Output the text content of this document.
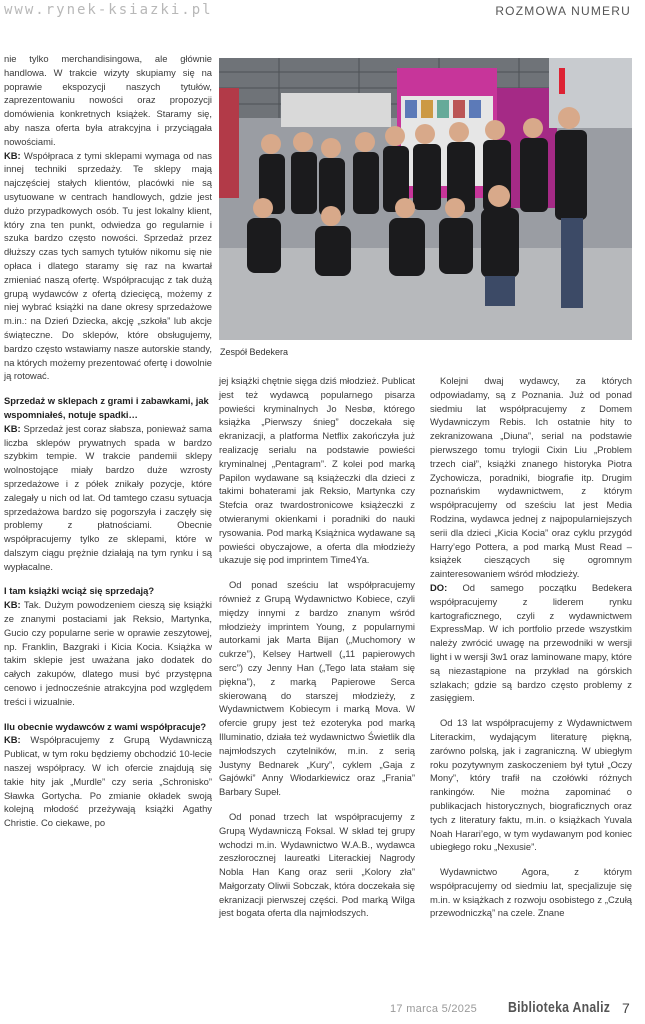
www.rynek-ksiazki.pl	ROZMOWA NUMERU

nie tylko merchandisingowa, ale głównie handlowa. W trakcie wizyty skupiamy się na poprawie ekspozycji naszych tytułów, zaprezentowaniu nowości oraz propozycji domówienia konkretnych książek. Staramy się, aby nasza oferta była atrakcyjna i przyciągała nowościami.

KB: Współpraca z tymi sklepami wymaga od nas innej techniki sprzedaży. Te sklepy mają najczęściej stałych klientów, placówki nie są usytuowane w centrach handlowych, gdzie jest dużo przypadkowych osób. Tu jest lokalny klient, który zna ten punkt, odwiedza go regularnie i szuka bardzo często nowości. Sprzedaż przez dłuższy czas tych samych tytułów nikomu się nie opłaca i dlatego staramy się raz na kwartał zmieniać naszą ofertę. Współpracując z tak dużą grupą wydawców z ofertą dziecięcą, możemy z niej wybrać książki na dane okresy sprzedażowe m.in.: na Dzień Dziecka, akcję „szkoła” lub akcje świąteczne. Do sklepów, które obsługujemy, bardzo często wstawiamy nasze autorskie standy, na których możemy prezentować ofertę i dowolnie ją rotować.

Sprzedaż w sklepach z grami i zabawkami, jak wspomniałeś, notuje spadki…

KB: Sprzedaż jest coraz słabsza, ponieważ sama liczba sklepów prywatnych spada w bardzo szybkim tempie. W trakcie pandemii sklepy wolnostojące miały bardzo duże wzrosty sprzedażowe i z półek znikały pozycje, które zalegały u nich od lat. Od tamtego czasu sytuacja sprzedażowa bardzo się pogorszyła i zaczęły się problemy z płatnościami. Obecnie współpracujemy tylko ze sklepami, które w dalszym ciągu prężnie działają na tym rynku i są wypłacalne.

I tam książki wciąż się sprzedają?

KB: Tak. Dużym powodzeniem cieszą się książki ze znanymi postaciami jak Reksio, Martynka, Gucio czy popularne serie w oprawie zeszytowej, np. Franklin, Bazgraki i Kicia Kocia. Książka w takim sklepie jest uważana jako dodatek do całych zakupów, dlatego musi być przystępna cenowo i jednocześnie atrakcyjna pod względem treści i wizualnie.

Ilu obecnie wydawców z wami współpracuje?

KB: Współpracujemy z Grupą Wydawniczą Publicat, w tym roku będziemy obchodzić 10-lecie naszej współpracy. W ich ofercie znajdują się takie hity jak „Murdle” czy seria „Schronisko” Sławka Gortycha. Po zmianie okładek swoją kolejną młodość przeżywają książki Agathy Christie. Co ciekawe, po

Zespół Bedekera

jej książki chętnie sięga dziś młodzież. Publicat jest też wydawcą popularnego pisarza powieści kryminalnych Jo Nesbø, którego książka „Pierwszy śnieg” doczekała się ekranizacji, a platforma Netflix zakończyła już realizację serialu na podstawie powieści kryminalnej „Pentagram”. Z kolei pod marką Papilon wydawane są książeczki dla dzieci z takimi bohaterami jak Reksio, Martynka czy Stefcia oraz twardostronicowe książeczki z otwieranymi okienkami i poradniki do nauki rysowania. Pod marką Książnica wydawane są powieści obyczajowe, a oferta dla młodzieży ukazuje się pod imprintem Time4Ya.

Od ponad sześciu lat współpracujemy również z Grupą Wydawnictwo Kobiece, czyli między innymi z bardzo znanym wśród młodzieży imprintem Young, z popularnymi autorkami jak Marta Bijan („Muchomory w cukrze”), Kelsey Hartwell („11 papierowych serc”) czy Jenny Han („Tego lata stałam się piękna”), z marką Papierowe Serca skierowaną do starszej młodzieży, z Wydawnictwem Kobiecym i marką Mova. W ofercie grupy jest też ezoteryka pod marką Illuminatio, działa też wydawnictwo Świetlik dla najmłodszych czytelników, m.in. z serią Justyny Bednarek „Kury”, cyklem „Gaja z Gajówki” Anny Włodarkiewicz oraz „Frania” Barbary Supeł.

Od ponad trzech lat współpracujemy z Grupą Wydawniczą Foksal. W skład tej grupy wchodzi m.in. Wydawnictwo W.A.B., wydawca zeszłorocznej laureatki Literackiej Nagrody Nobla Han Kang oraz serii „Kolory zła” Małgorzaty Oliwii Sobczak, która doczekała się ekranizacji pierwszej części. Pod marką Wilga jest bogata oferta dla najmłodszych.

Kolejni dwaj wydawcy, za których odpowiadamy, są z Poznania. Już od ponad siedmiu lat współpracujemy z Domem Wydawniczym Rebis. Ich ostatnie hity to zekranizowana „Diuna”, serial na podstawie pierwszego tomu trylogii Cixin Liu „Problem trzech ciał”, książki znanego historyka Piotra Zychowicza, poradniki, biografie itp. Drugim poznańskim wydawnictwem, z którym współpracujemy od sześciu lat jest Media Rodzina, wydawca jednej z najpopularniejszych serii dla dzieci „Kicia Kocia” oraz cyklu przygód Harry’ego Pottera, a pod marką Must Read – książek cieszących się ogromnym zainteresowaniem wśród młodzieży.

DO: Od samego początku Bedekera współpracujemy z liderem rynku kartograficznego, czyli z wydawnictwem ExpressMap. W ich portfolio przede wszystkim należy zwrócić uwagę na przewodniki w wersji light i w wersji 3w1 oraz laminowane mapy, które są niezastąpione na przykład na górskich szlakach; gdzie są bardzo często problemy z zasięgiem.

Od 13 lat współpracujemy z Wydawnictwem Literackim, wydającym literaturę piękną, zarówno polską, jak i zagraniczną. W ubiegłym roku pozytywnym zaskoczeniem był tytuł „Oczy Mony”, który trafił na czołówki różnych rankingów. Nie można zapominać o publikacjach historycznych, biograficznych oraz tych z literatury faktu, m.in. o książkach Yuvala Noah Harari’ego, w tym wydawanym pod koniec ubiegłego roku „Nexusie”.

Wydawnictwo Agora, z którym współpracujemy od siedmiu lat, specjalizuje się m.in. w książkach z rozwoju osobistego z „Czułą przewodniczką” na czele. Znane

17 marca 5/2025 Biblioteka Analiz 7
